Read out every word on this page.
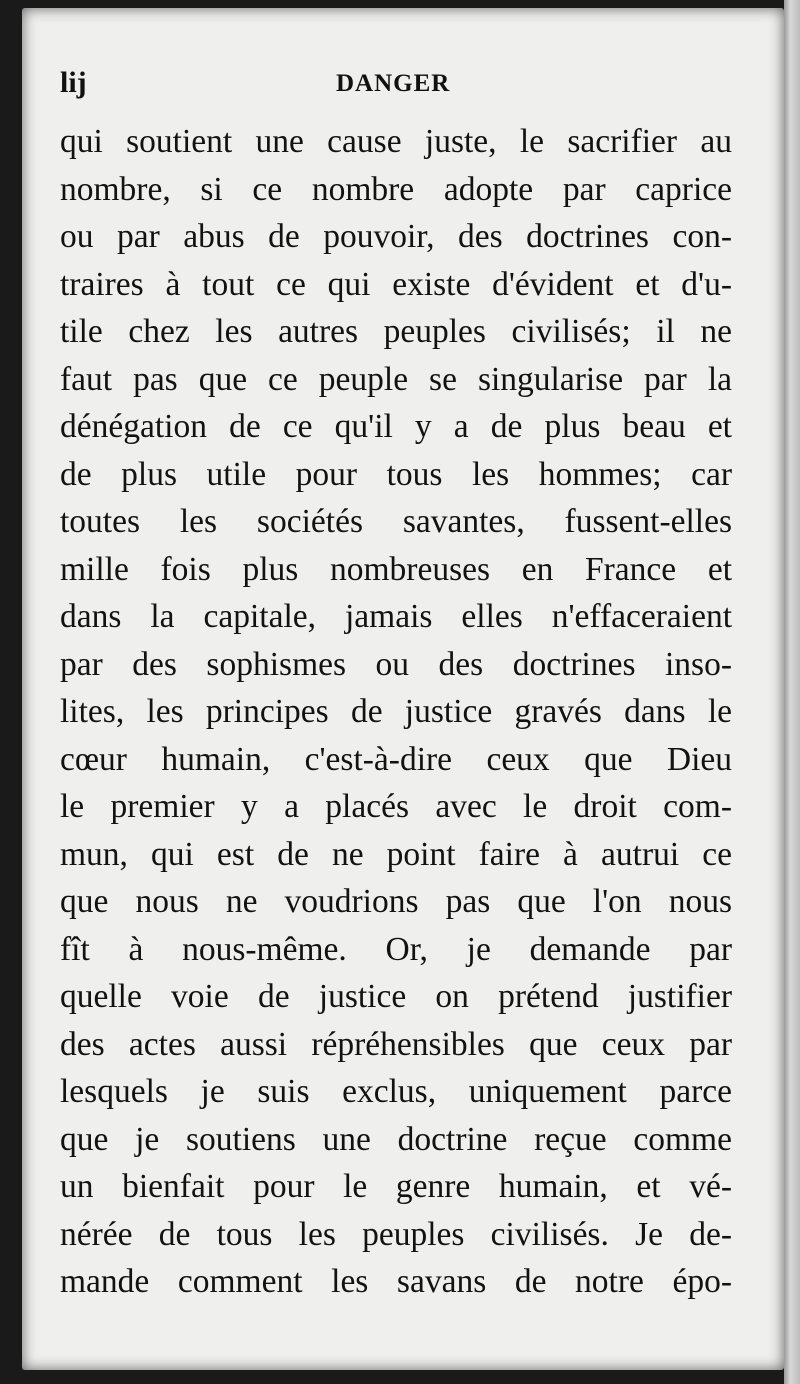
lij	DANGER
qui soutient une cause juste, le sacrifier au
nombre, si ce nombre adopte par caprice
ou par abus de pouvoir, des doctrines con-
traires à tout ce qui existe d'évident et d'u-
tile chez les autres peuples civilisés; il ne
faut pas que ce peuple se singularise par la
dénégation de ce qu'il y a de plus beau et
de plus utile pour tous les hommes; car
toutes les sociétés savantes, fussent-elles
mille fois plus nombreuses en France et
dans la capitale, jamais elles n'effaceraient
par des sophismes ou des doctrines inso-
lites, les principes de justice gravés dans le
cœur humain, c'est-à-dire ceux que Dieu
le premier y a placés avec le droit com-
mun, qui est de ne point faire à autrui ce
que nous ne voudrions pas que l'on nous
fît à nous-même. Or, je demande par
quelle voie de justice on prétend justifier
des actes aussi répréhensibles que ceux par
lesquels je suis exclus, uniquement parce
que je soutiens une doctrine reçue comme
un bienfait pour le genre humain, et vé-
nérée de tous les peuples civilisés. Je de-
mande comment les savans de notre épo-
